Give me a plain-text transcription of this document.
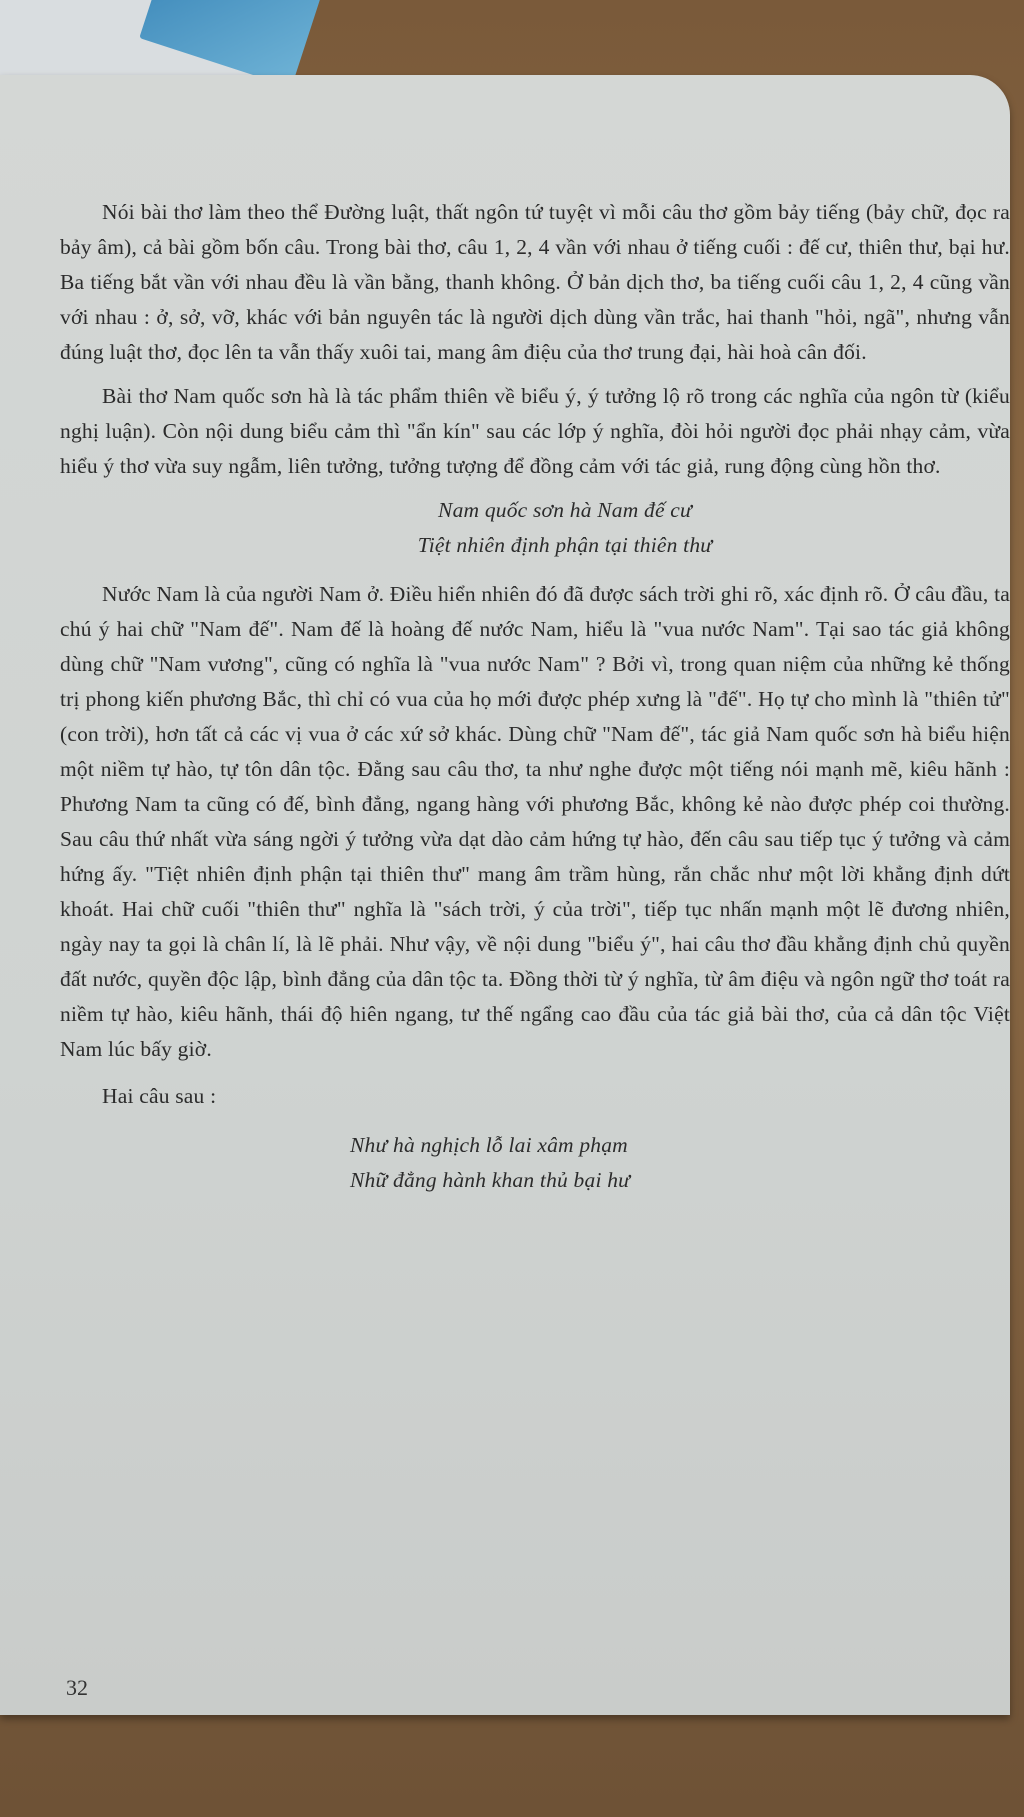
Nói bài thơ làm theo thể Đường luật, thất ngôn tứ tuyệt vì mỗi câu thơ gồm bảy tiếng (bảy chữ, đọc ra bảy âm), cả bài gồm bốn câu. Trong bài thơ, câu 1, 2, 4 vần với nhau ở tiếng cuối : đế cư, thiên thư, bại hư. Ba tiếng bắt vần với nhau đều là vần bằng, thanh không. Ở bản dịch thơ, ba tiếng cuối câu 1, 2, 4 cũng vần với nhau : ở, sở, vỡ, khác với bản nguyên tác là người dịch dùng vần trắc, hai thanh "hỏi, ngã", nhưng vẫn đúng luật thơ, đọc lên ta vẫn thấy xuôi tai, mang âm điệu của thơ trung đại, hài hoà cân đối.

Bài thơ Nam quốc sơn hà là tác phẩm thiên về biểu ý, ý tưởng lộ rõ trong các nghĩa của ngôn từ (kiểu nghị luận). Còn nội dung biểu cảm thì "ẩn kín" sau các lớp ý nghĩa, đòi hỏi người đọc phải nhạy cảm, vừa hiểu ý thơ vừa suy ngẫm, liên tưởng, tưởng tượng để đồng cảm với tác giả, rung động cùng hồn thơ.

Nam quốc sơn hà Nam đế cư

Tiệt nhiên định phận tại thiên thư

Nước Nam là của người Nam ở. Điều hiển nhiên đó đã được sách trời ghi rõ, xác định rõ. Ở câu đầu, ta chú ý hai chữ "Nam đế". Nam đế là hoàng đế nước Nam, hiểu là "vua nước Nam". Tại sao tác giả không dùng chữ "Nam vương", cũng có nghĩa là "vua nước Nam" ? Bởi vì, trong quan niệm của những kẻ thống trị phong kiến phương Bắc, thì chỉ có vua của họ mới được phép xưng là "đế". Họ tự cho mình là "thiên tử" (con trời), hơn tất cả các vị vua ở các xứ sở khác. Dùng chữ "Nam đế", tác giả Nam quốc sơn hà biểu hiện một niềm tự hào, tự tôn dân tộc. Đằng sau câu thơ, ta như nghe được một tiếng nói mạnh mẽ, kiêu hãnh : Phương Nam ta cũng có đế, bình đẳng, ngang hàng với phương Bắc, không kẻ nào được phép coi thường. Sau câu thứ nhất vừa sáng ngời ý tưởng vừa dạt dào cảm hứng tự hào, đến câu sau tiếp tục ý tưởng và cảm hứng ấy. "Tiệt nhiên định phận tại thiên thư" mang âm trầm hùng, rắn chắc như một lời khẳng định dứt khoát. Hai chữ cuối "thiên thư" nghĩa là "sách trời, ý của trời", tiếp tục nhấn mạnh một lẽ đương nhiên, ngày nay ta gọi là chân lí, là lẽ phải. Như vậy, về nội dung "biểu ý", hai câu thơ đầu khẳng định chủ quyền đất nước, quyền độc lập, bình đẳng của dân tộc ta. Đồng thời từ ý nghĩa, từ âm điệu và ngôn ngữ thơ toát ra niềm tự hào, kiêu hãnh, thái độ hiên ngang, tư thế ngẩng cao đầu của tác giả bài thơ, của cả dân tộc Việt Nam lúc bấy giờ.

Hai câu sau :

Như hà nghịch lỗ lai xâm phạm

Nhữ đẳng hành khan thủ bại hư

32
